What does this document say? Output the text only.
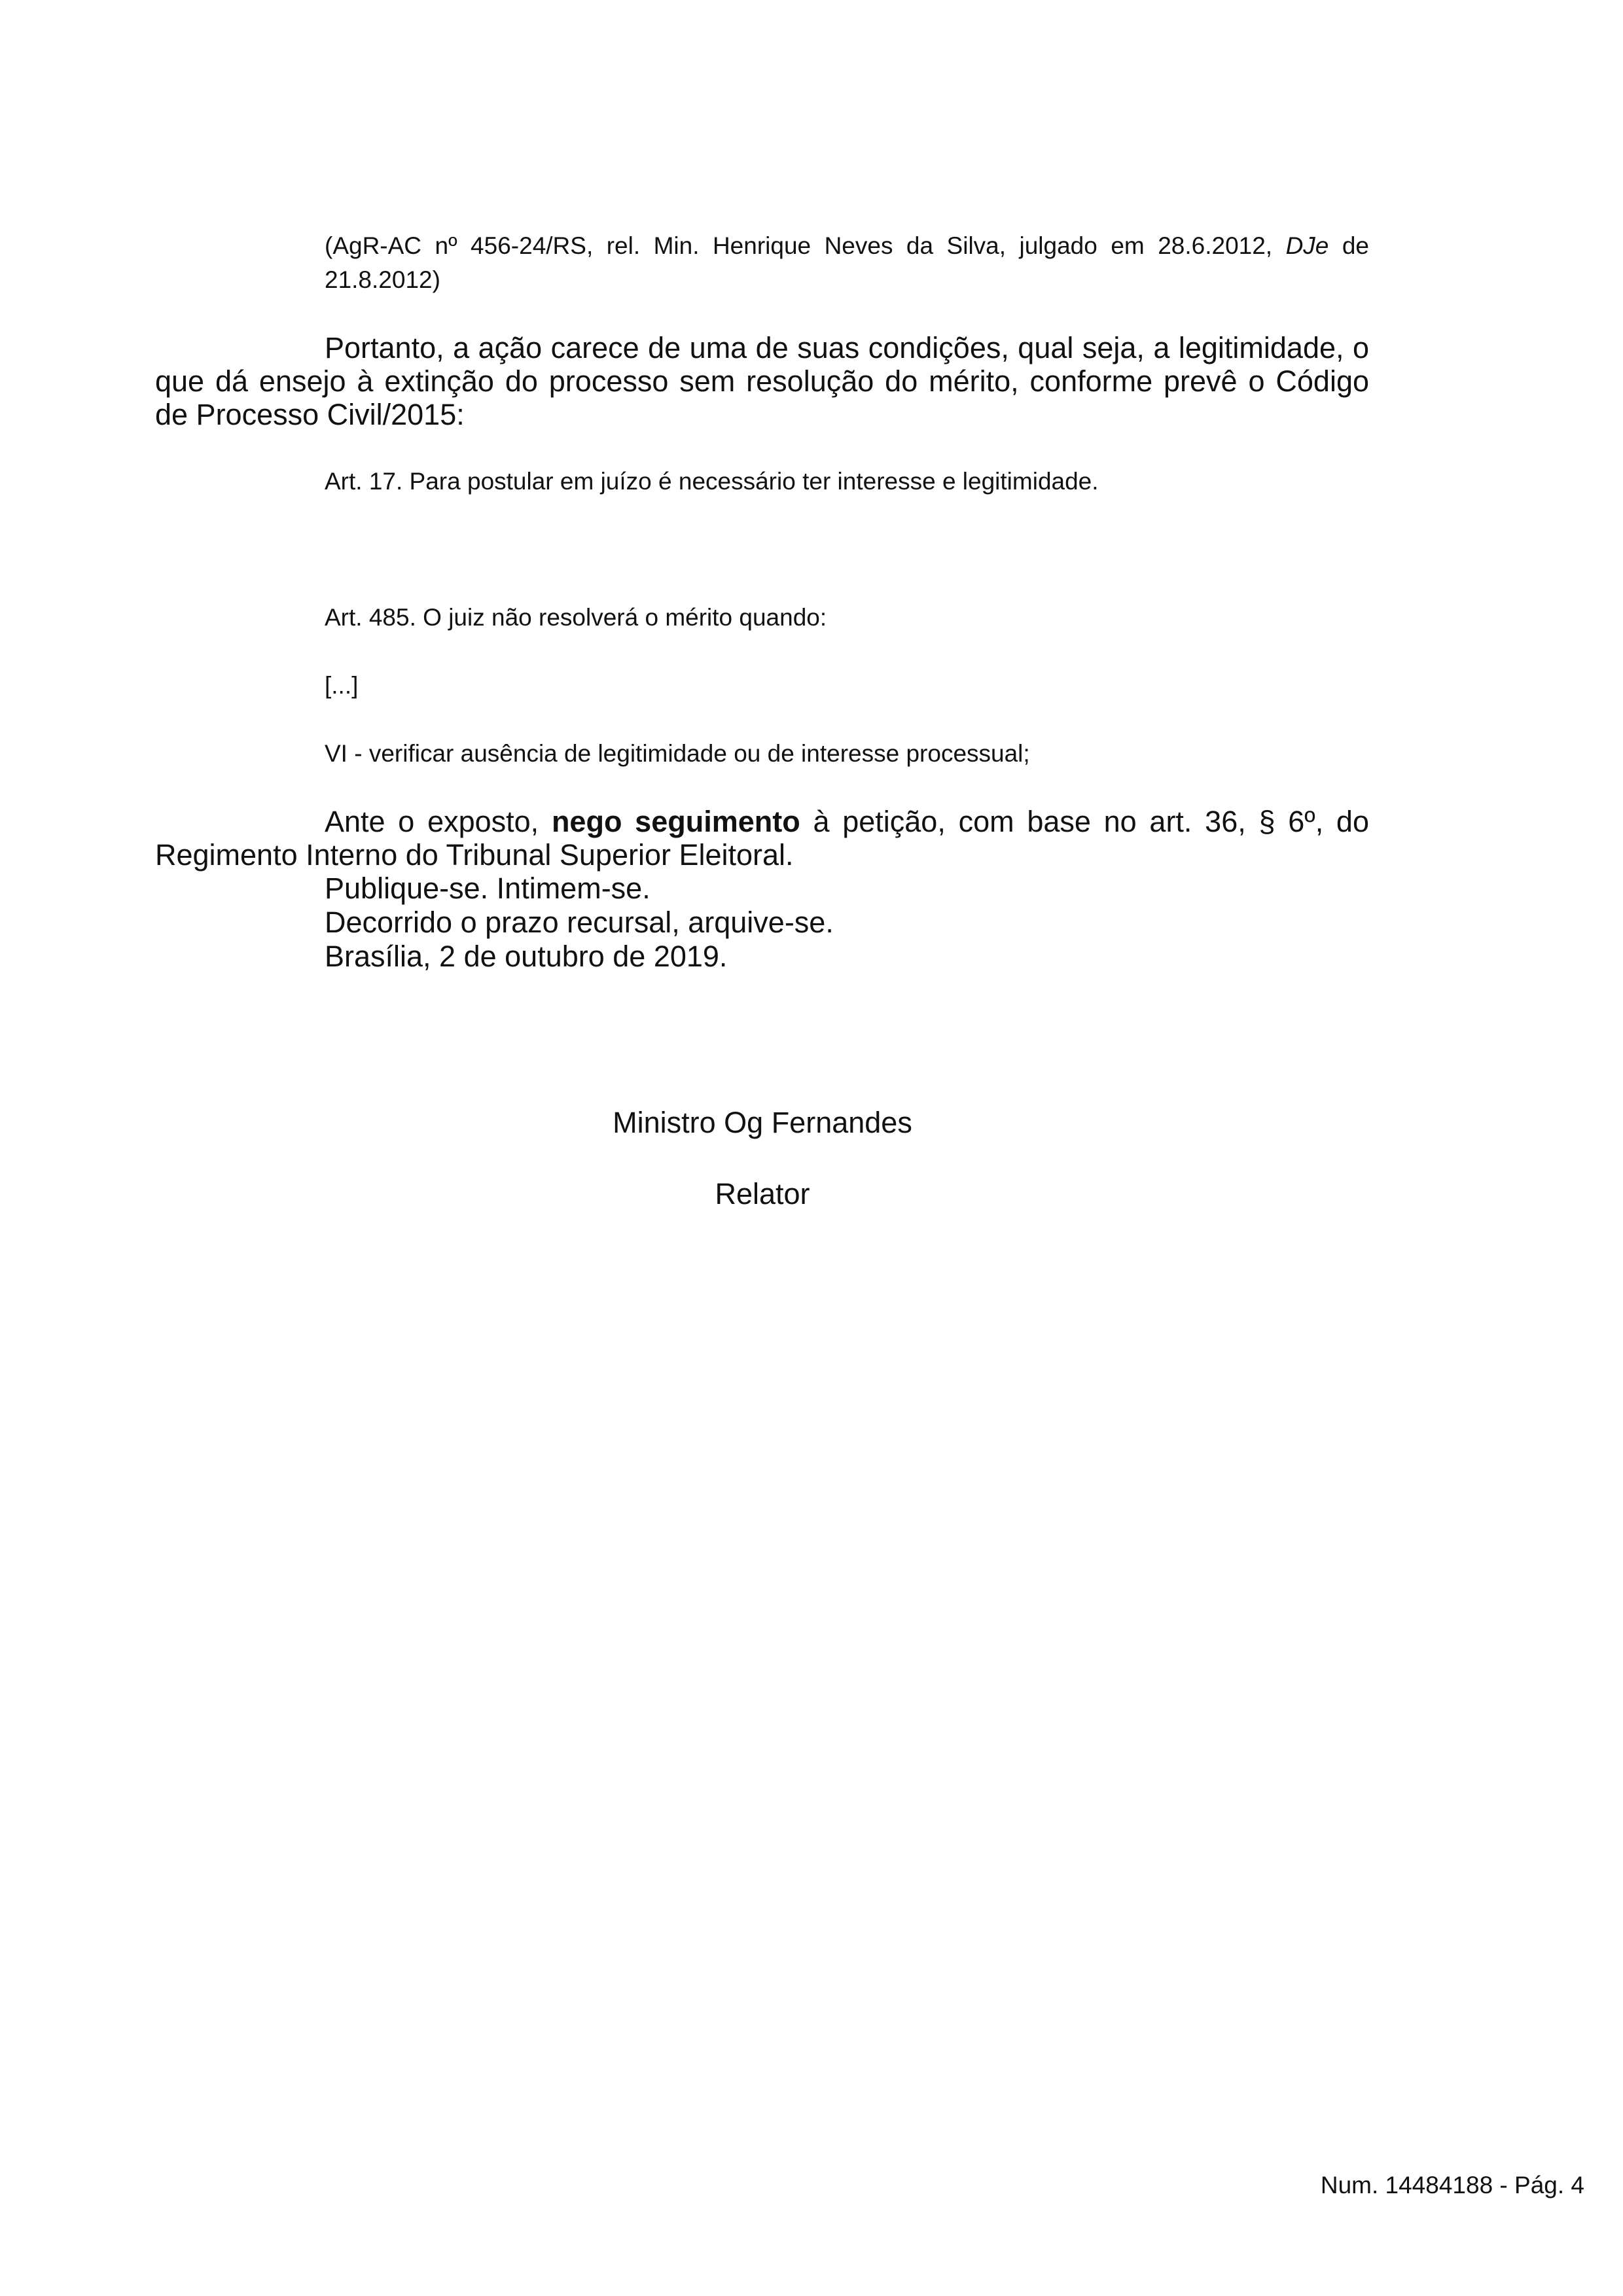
(AgR-AC nº 456-24/RS, rel. Min. Henrique Neves da Silva, julgado em 28.6.2012, DJe de

21.8.2012)

Portanto, a ação carece de uma de suas condições, qual seja, a legitimidade, o que dá ensejo à extinção do processo sem resolução do mérito, conforme prevê o Código de Processo Civil/2015:

Art. 17. Para postular em juízo é necessário ter interesse e legitimidade.

Art. 485. O juiz não resolverá o mérito quando:

[...]

VI - verificar ausência de legitimidade ou de interesse processual;

Ante o exposto, nego seguimento à petição, com base no art. 36, § 6º, do Regimento Interno do Tribunal Superior Eleitoral.

Publique-se. Intimem-se.

Decorrido o prazo recursal, arquive-se.

Brasília, 2 de outubro de 2019.

Ministro Og Fernandes

Relator

Num. 14484188 - Pág. 4
